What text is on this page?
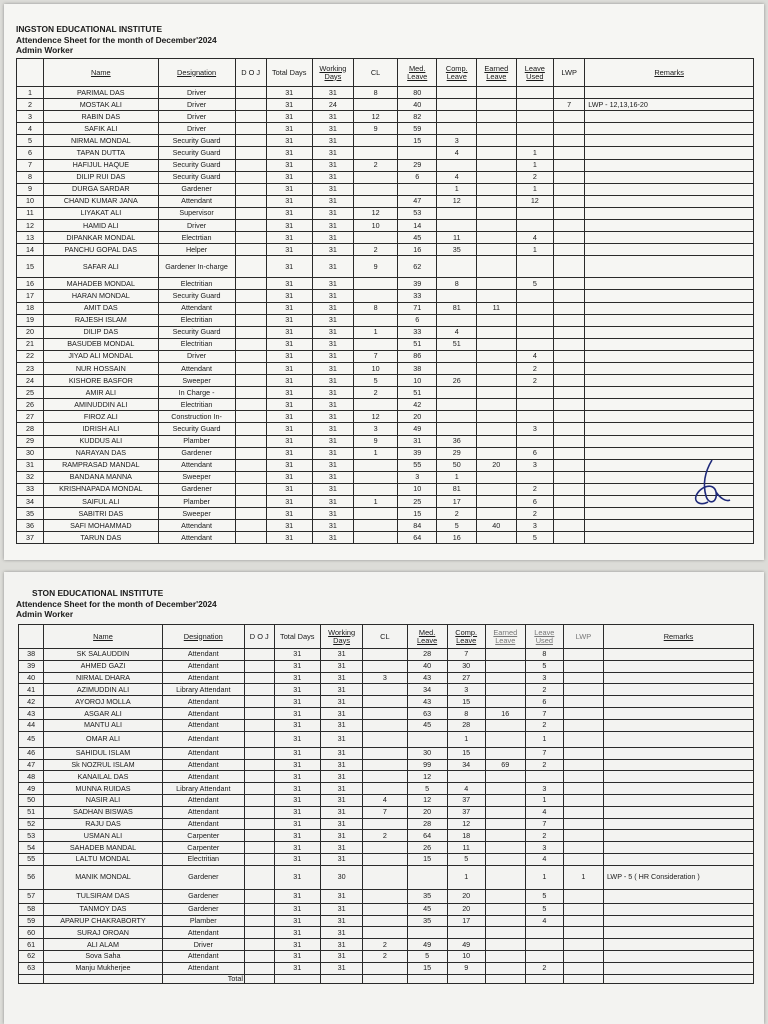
INGSTON EDUCATIONAL INSTITUTE
Attendence Sheet for the month of December'2024
Admin Worker
	Name	Designation	D O J	Total Days	Working Days	CL	Med. Leave	Comp. Leave	Earned Leave	Leave Used	LWP	Remarks
1	PARIMAL DAS	Driver		31	31	8	80					
2	MOSTAK ALI	Driver		31	24		40				7	LWP - 12,13,16-20
3	RABIN DAS	Driver		31	31	12	82					
4	SAFIK ALI	Driver		31	31	9	59					
5	NIRMAL MONDAL	Security Guard		31	31		15	3				
6	TAPAN DUTTA	Security Guard		31	31			4		1		
7	HAFIJUL HAQUE	Security Guard		31	31	2	29			1		
8	DILIP RUI DAS	Security Guard		31	31		6	4		2		
9	DURGA SARDAR	Gardener		31	31			1		1		
10	CHAND KUMAR JANA	Attendant		31	31		47	12		12		
11	LIYAKAT ALI	Supervisor		31	31	12	53					
12	HAMID ALI	Driver		31	31	10	14					
13	DIPANKAR MONDAL	Electrtian		31	31		45	11		4		
14	PANCHU GOPAL DAS	Helper		31	31	2	16	35		1		
15	SAFAR ALI	Gardener In-charge		31	31	9	62					
16	MAHADEB MONDAL	Electritian		31	31		39	8		5		
17	HARAN MONDAL	Security Guard		31	31		33					
18	AMIT DAS	Attendant		31	31	8	71	81	11			
19	RAJESH ISLAM	Electritian		31	31		6					
20	DILIP DAS	Security Guard		31	31	1	33	4				
21	BASUDEB MONDAL	Electritian		31	31		51	51				
22	JIYAD ALI MONDAL	Driver		31	31	7	86			4		
23	NUR HOSSAIN	Attendant		31	31	10	38			2		
24	KISHORE BASFOR	Sweeper		31	31	5	10	26		2		
25	AMIR ALI	In Charge -		31	31	2	51					
26	AMINUDDIN ALI	Electritian		31	31		42					
27	FIROZ ALI	Construction In-		31	31	12	20					
28	IDRISH ALI	Security Guard		31	31	3	49			3		
29	KUDDUS ALI	Plamber		31	31	9	31	36				
30	NARAYAN DAS	Gardener		31	31	1	39	29		6		
31	RAMPRASAD MANDAL	Attendant		31	31		55	50	20	3		
32	BANDANA MANNA	Sweeper		31	31		3	1				
33	KRISHNAPADA MONDAL	Gardener		31	31		10	81		2		
34	SAIFUL ALI	Plamber		31	31	1	25	17		6		
35	SABITRI DAS	Sweeper		31	31		15	2		2		
36	SAFI MOHAMMAD	Attendant		31	31		84	5	40	3		
37	TARUN DAS	Attendant		31	31		64	16		5		
STON EDUCATIONAL INSTITUTE
Attendence Sheet for the month of December'2024
Admin Worker
	Name	Designation	D O J	Total Days	Working Days	CL	Med. Leave	Comp. Leave	Earned Leave	Leave Used	LWP	Remarks
38	SK SALAUDDIN	Attendant		31	31		28	7		8		
39	AHMED GAZI	Attendant		31	31		40	30		5		
40	NIRMAL DHARA	Attendant		31	31	3	43	27		3		
41	AZIMUDDIN ALI	Library Attendant		31	31		34	3		2		
42	AYOROJ MOLLA	Attendant		31	31		43	15		6		
43	ASGAR ALI	Attendant		31	31		63	8	16	7		
44	MANTU ALI	Attendant		31	31		45	28		2		
45	OMAR ALI	Attendant		31	31			1		1		
46	SAHIDUL ISLAM	Attendant		31	31		30	15		7		
47	Sk NOZRUL ISLAM	Attendant		31	31		99	34	69	2		
48	KANAILAL DAS	Attendant		31	31		12					
49	MUNNA RUIDAS	Library Attendant		31	31		5	4		3		
50	NASIR ALI	Attendant		31	31	4	12	37		1		
51	SADHAN BISWAS	Attendant		31	31	7	20	37		4		
52	RAJU DAS	Attendant		31	31		28	12		7		
53	USMAN ALI	Carpenter		31	31	2	64	18		2		
54	SAHADEB MANDAL	Carpenter		31	31		26	11		3		
55	LALTU MONDAL	Electritian		31	31		15	5		4		
56	MANIK MONDAL	Gardener		31	30			1		1	1	LWP - 5 ( HR Consideration )
57	TULSIRAM DAS	Gardener		31	31		35	20		5		
58	TANMOY DAS	Gardener		31	31		45	20		5		
59	APARUP CHAKRABORTY	Plamber		31	31		35	17		4		
60	SURAJ OROAN	Attendant		31	31							
61	ALI ALAM	Driver		31	31	2	49	49				
62	Sova Saha	Attendant		31	31	2	5	10				
63	Manju Mukherjee	Attendant		31	31		15	9		2		
		Total										
